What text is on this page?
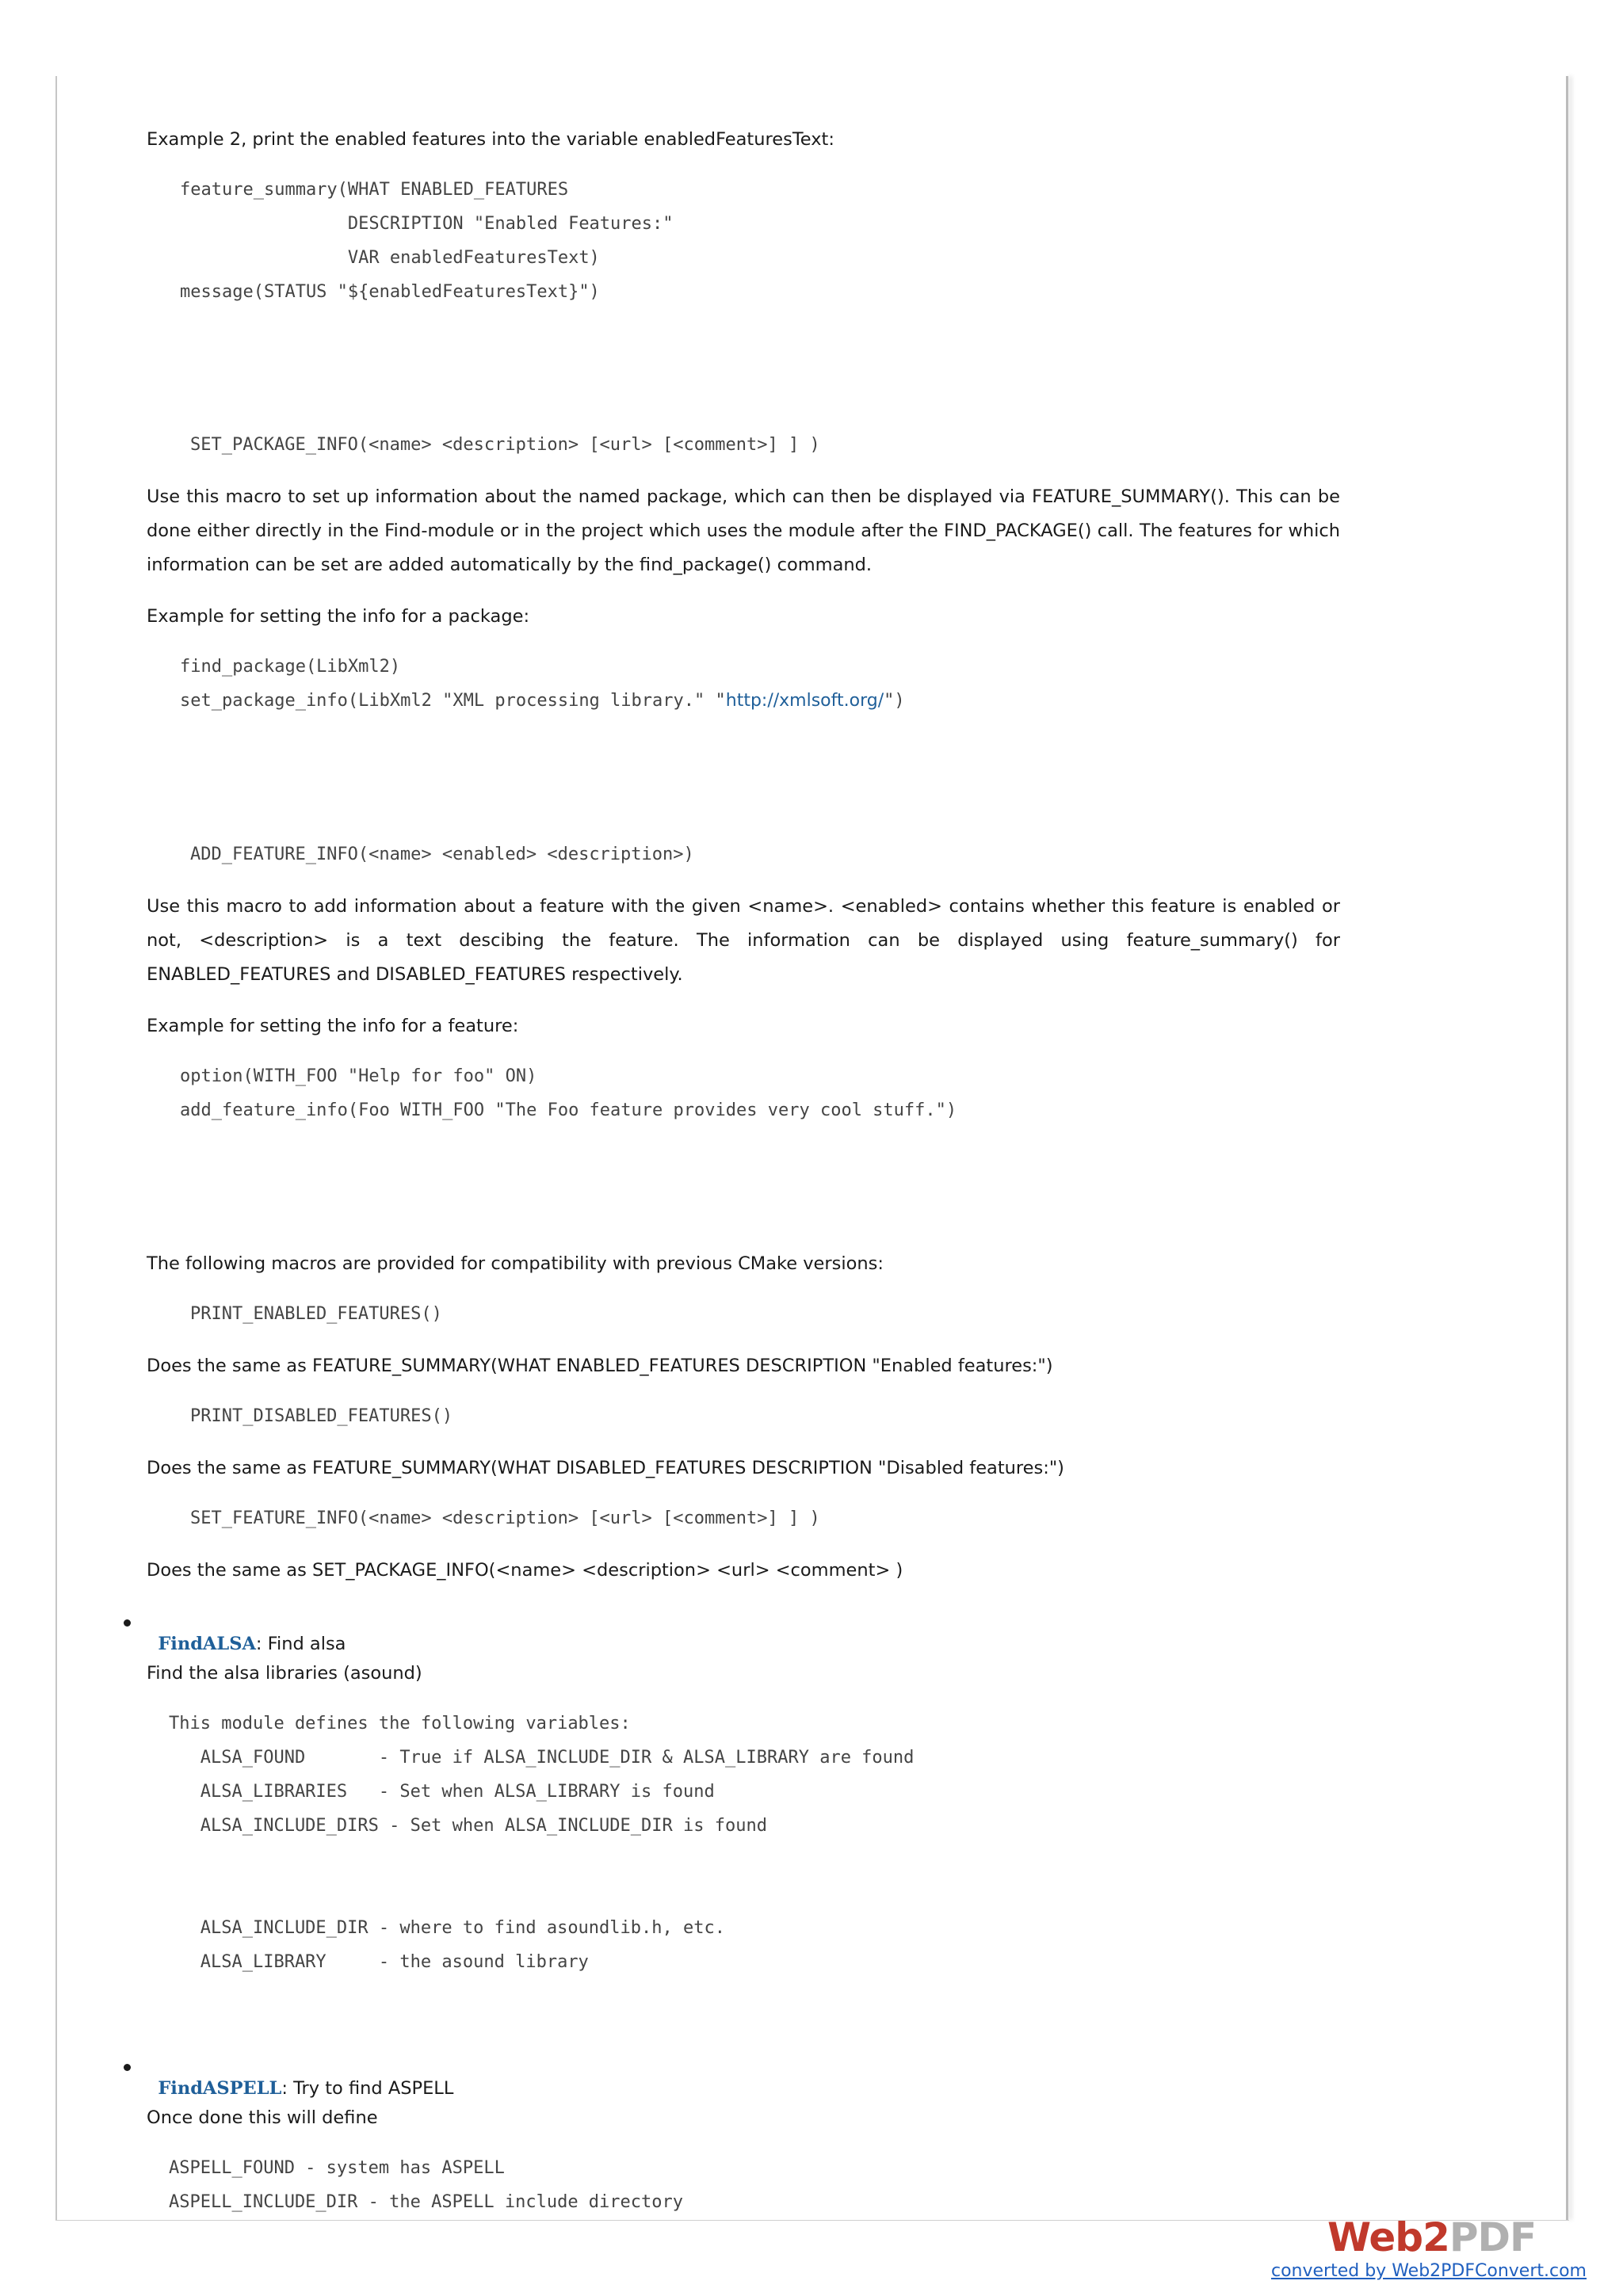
Example 2, print the enabled features into the variable enabledFeaturesText:
feature_summary(WHAT ENABLED_FEATURES
DESCRIPTION "Enabled Features:"
VAR enabledFeaturesText)
message(STATUS "${enabledFeaturesText}")
SET_PACKAGE_INFO(<name> <description> [<url> [<comment>] ] )
Use this macro to set up information about the named package, which can then be displayed via FEATURE_SUMMARY(). This can be done either directly in the Find-module or in the project which uses the module after the FIND_PACKAGE() call. The features for which information can be set are added automatically by the find_package() command.
Example for setting the info for a package:
find_package(LibXml2)
set_package_info(LibXml2 "XML processing library." "http://xmlsoft.org/")
ADD_FEATURE_INFO(<name> <enabled> <description>)
Use this macro to add information about a feature with the given <name>. <enabled> contains whether this feature is enabled or not, <description> is a text descibing the feature. The information can be displayed using feature_summary() for ENABLED_FEATURES and DISABLED_FEATURES respectively.
Example for setting the info for a feature:
option(WITH_FOO "Help for foo" ON)
add_feature_info(Foo WITH_FOO "The Foo feature provides very cool stuff.")
The following macros are provided for compatibility with previous CMake versions:
PRINT_ENABLED_FEATURES()
Does the same as FEATURE_SUMMARY(WHAT ENABLED_FEATURES DESCRIPTION "Enabled features:")
PRINT_DISABLED_FEATURES()
Does the same as FEATURE_SUMMARY(WHAT DISABLED_FEATURES DESCRIPTION "Disabled features:")
SET_FEATURE_INFO(<name> <description> [<url> [<comment>] ] )
Does the same as SET_PACKAGE_INFO(<name> <description> <url> <comment> )

FindALSA: Find alsa

Find the alsa libraries (asound)
This module defines the following variables:
ALSA_FOUND       - True if ALSA_INCLUDE_DIR & ALSA_LIBRARY are found
ALSA_LIBRARIES   - Set when ALSA_LIBRARY is found
ALSA_INCLUDE_DIRS - Set when ALSA_INCLUDE_DIR is found
ALSA_INCLUDE_DIR - where to find asoundlib.h, etc.
ALSA_LIBRARY     - the asound library

FindASPELL: Try to find ASPELL

Once done this will define
ASPELL_FOUND - system has ASPELL
ASPELL_INCLUDE_DIR - the ASPELL include directory
Web2PDF
converted by Web2PDFConvert.com
